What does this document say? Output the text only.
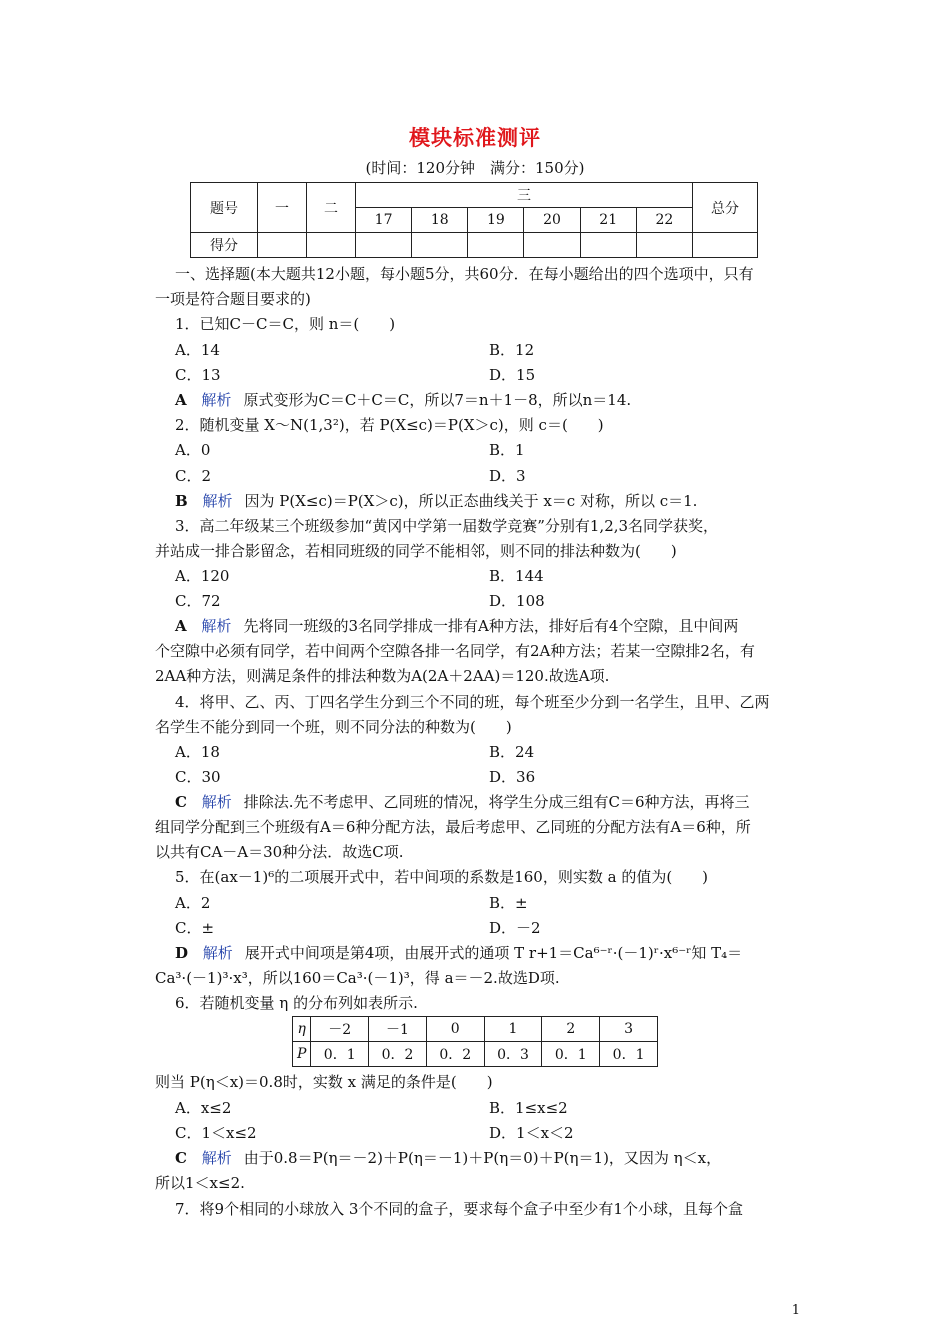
模块标准测评
(时间：120分钟　满分：150分)
题号	一	二	三						总分
			17	18	19	20	21	22	
得分									
一、选择题(本大题共12小题，每小题5分，共60分．在每小题给出的四个选项中，只有
一项是符合题目要求的)
1．已知C－C＝C，则 n＝(　　)
A．14	B．12
C．13	D．15
A 解析 原式变形为C＝C＋C＝C，所以7＝n＋1－8，所以n＝14.
2．随机变量 X～N(1,3²)，若 P(X≤c)＝P(X＞c)，则 c＝(　　)
A．0	B．1
C．2	D．3
B 解析 因为 P(X≤c)＝P(X＞c)，所以正态曲线关于 x＝c 对称，所以 c＝1.
3．高二年级某三个班级参加“黄冈中学第一届数学竞赛”分别有1,2,3名同学获奖，
并站成一排合影留念，若相同班级的同学不能相邻，则不同的排法种数为(　　)
A．120	B．144
C．72	D．108
A 解析 先将同一班级的3名同学排成一排有A种方法，排好后有4个空隙，且中间两
个空隙中必须有同学，若中间两个空隙各排一名同学，有2A种方法；若某一空隙排2名，有
2AA种方法，则满足条件的排法种数为A(2A＋2AA)＝120.故选A项.
4．将甲、乙、丙、丁四名学生分到三个不同的班，每个班至少分到一名学生，且甲、乙两
名学生不能分到同一个班，则不同分法的种数为(　　)
A．18	B．24
C．30	D．36
C 解析 排除法.先不考虑甲、乙同班的情况，将学生分成三组有C＝6种方法，再将三
组同学分配到三个班级有A＝6种分配方法，最后考虑甲、乙同班的分配方法有A＝6种，所
以共有CA－A＝30种分法．故选C项.
5．在(ax－1)⁶的二项展开式中，若中间项的系数是160，则实数 a 的值为(　　)
A．2	B．±
C．±	D．－2
D 解析 展开式中间项是第4项，由展开式的通项 T r+1＝Ca⁶⁻ʳ·(－1)ʳ·x⁶⁻ʳ知 T₄＝
Ca³·(－1)³·x³，所以160＝Ca³·(－1)³，得 a＝－2.故选D项.
6．若随机变量 η 的分布列如表所示.
η	－2	－1	0	1	2	3
P	0．1	0．2	0．2	0．3	0．1	0．1
则当 P(η＜x)＝0.8时，实数 x 满足的条件是(　　)
A．x≤2	B．1≤x≤2
C．1＜x≤2	D．1＜x＜2
C 解析 由于0.8＝P(η＝－2)＋P(η＝－1)＋P(η＝0)＋P(η＝1)，又因为 η＜x，
所以1＜x≤2.
7．将9个相同的小球放入 3个不同的盒子，要求每个盒子中至少有1个小球，且每个盒
1
